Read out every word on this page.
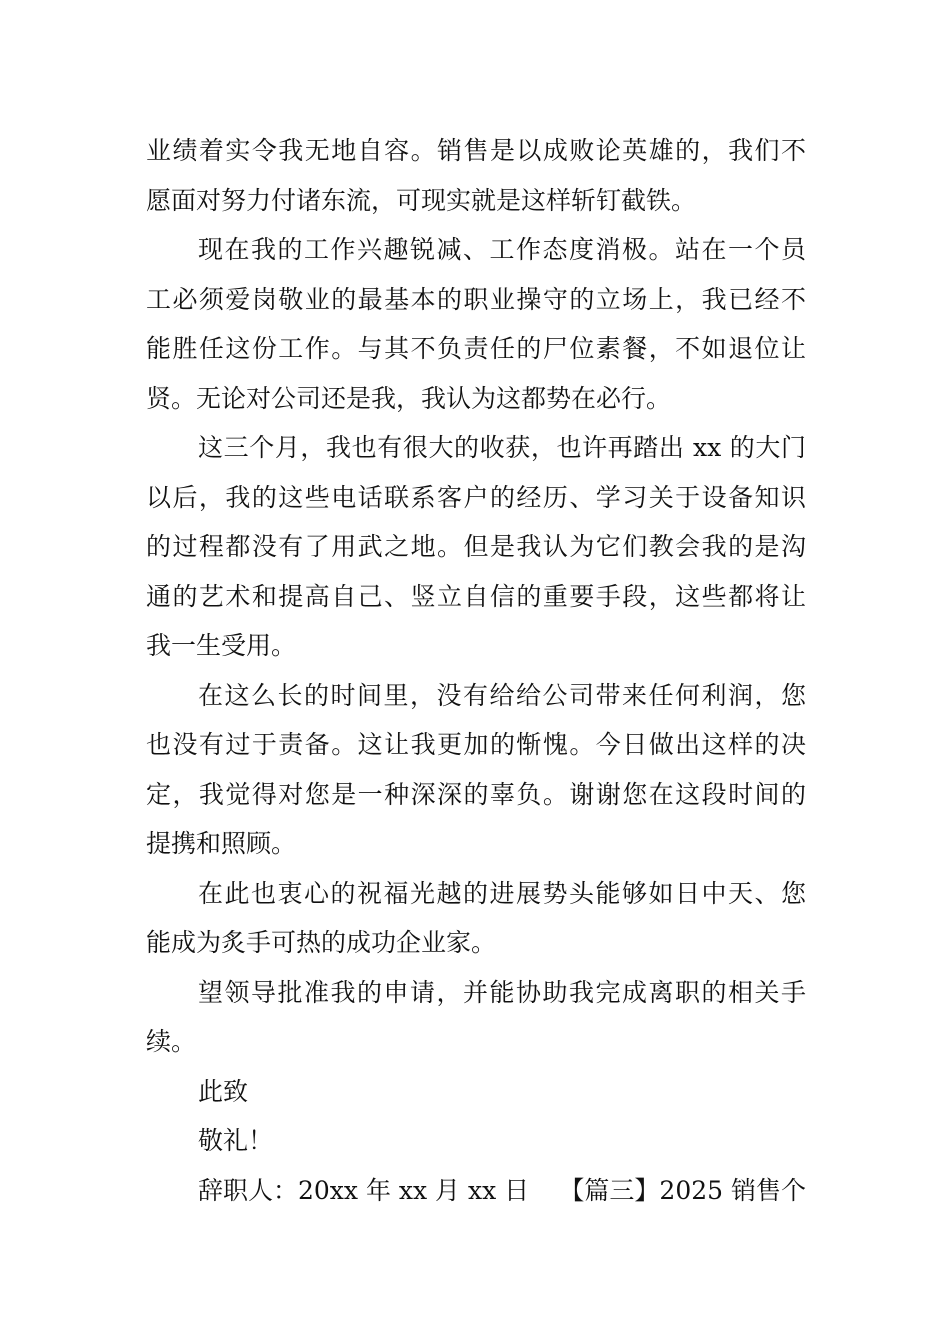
业绩着实令我无地自容。销售是以成败论英雄的，我们不
愿面对努力付诸东流，可现实就是这样斩钉截铁。
现在我的工作兴趣锐减、工作态度消极。站在一个员
工必须爱岗敬业的最基本的职业操守的立场上，我已经不
能胜任这份工作。与其不负责任的尸位素餐，不如退位让
贤。无论对公司还是我，我认为这都势在必行。
这三个月，我也有很大的收获，也许再踏出 xx 的大门
以后，我的这些电话联系客户的经历、学习关于设备知识
的过程都没有了用武之地。但是我认为它们教会我的是沟
通的艺术和提高自己、竖立自信的重要手段，这些都将让
我一生受用。
在这么长的时间里，没有给给公司带来任何利润，您
也没有过于责备。这让我更加的惭愧。今日做出这样的决
定，我觉得对您是一种深深的辜负。谢谢您在这段时间的
提携和照顾。
在此也衷心的祝福光越的进展势头能够如日中天、您
能成为炙手可热的成功企业家。
望领导批准我的申请，并能协助我完成离职的相关手
续。
此致
敬礼！
辞职人：20xx 年 xx 月 xx 日 【篇三】2025 销售个
